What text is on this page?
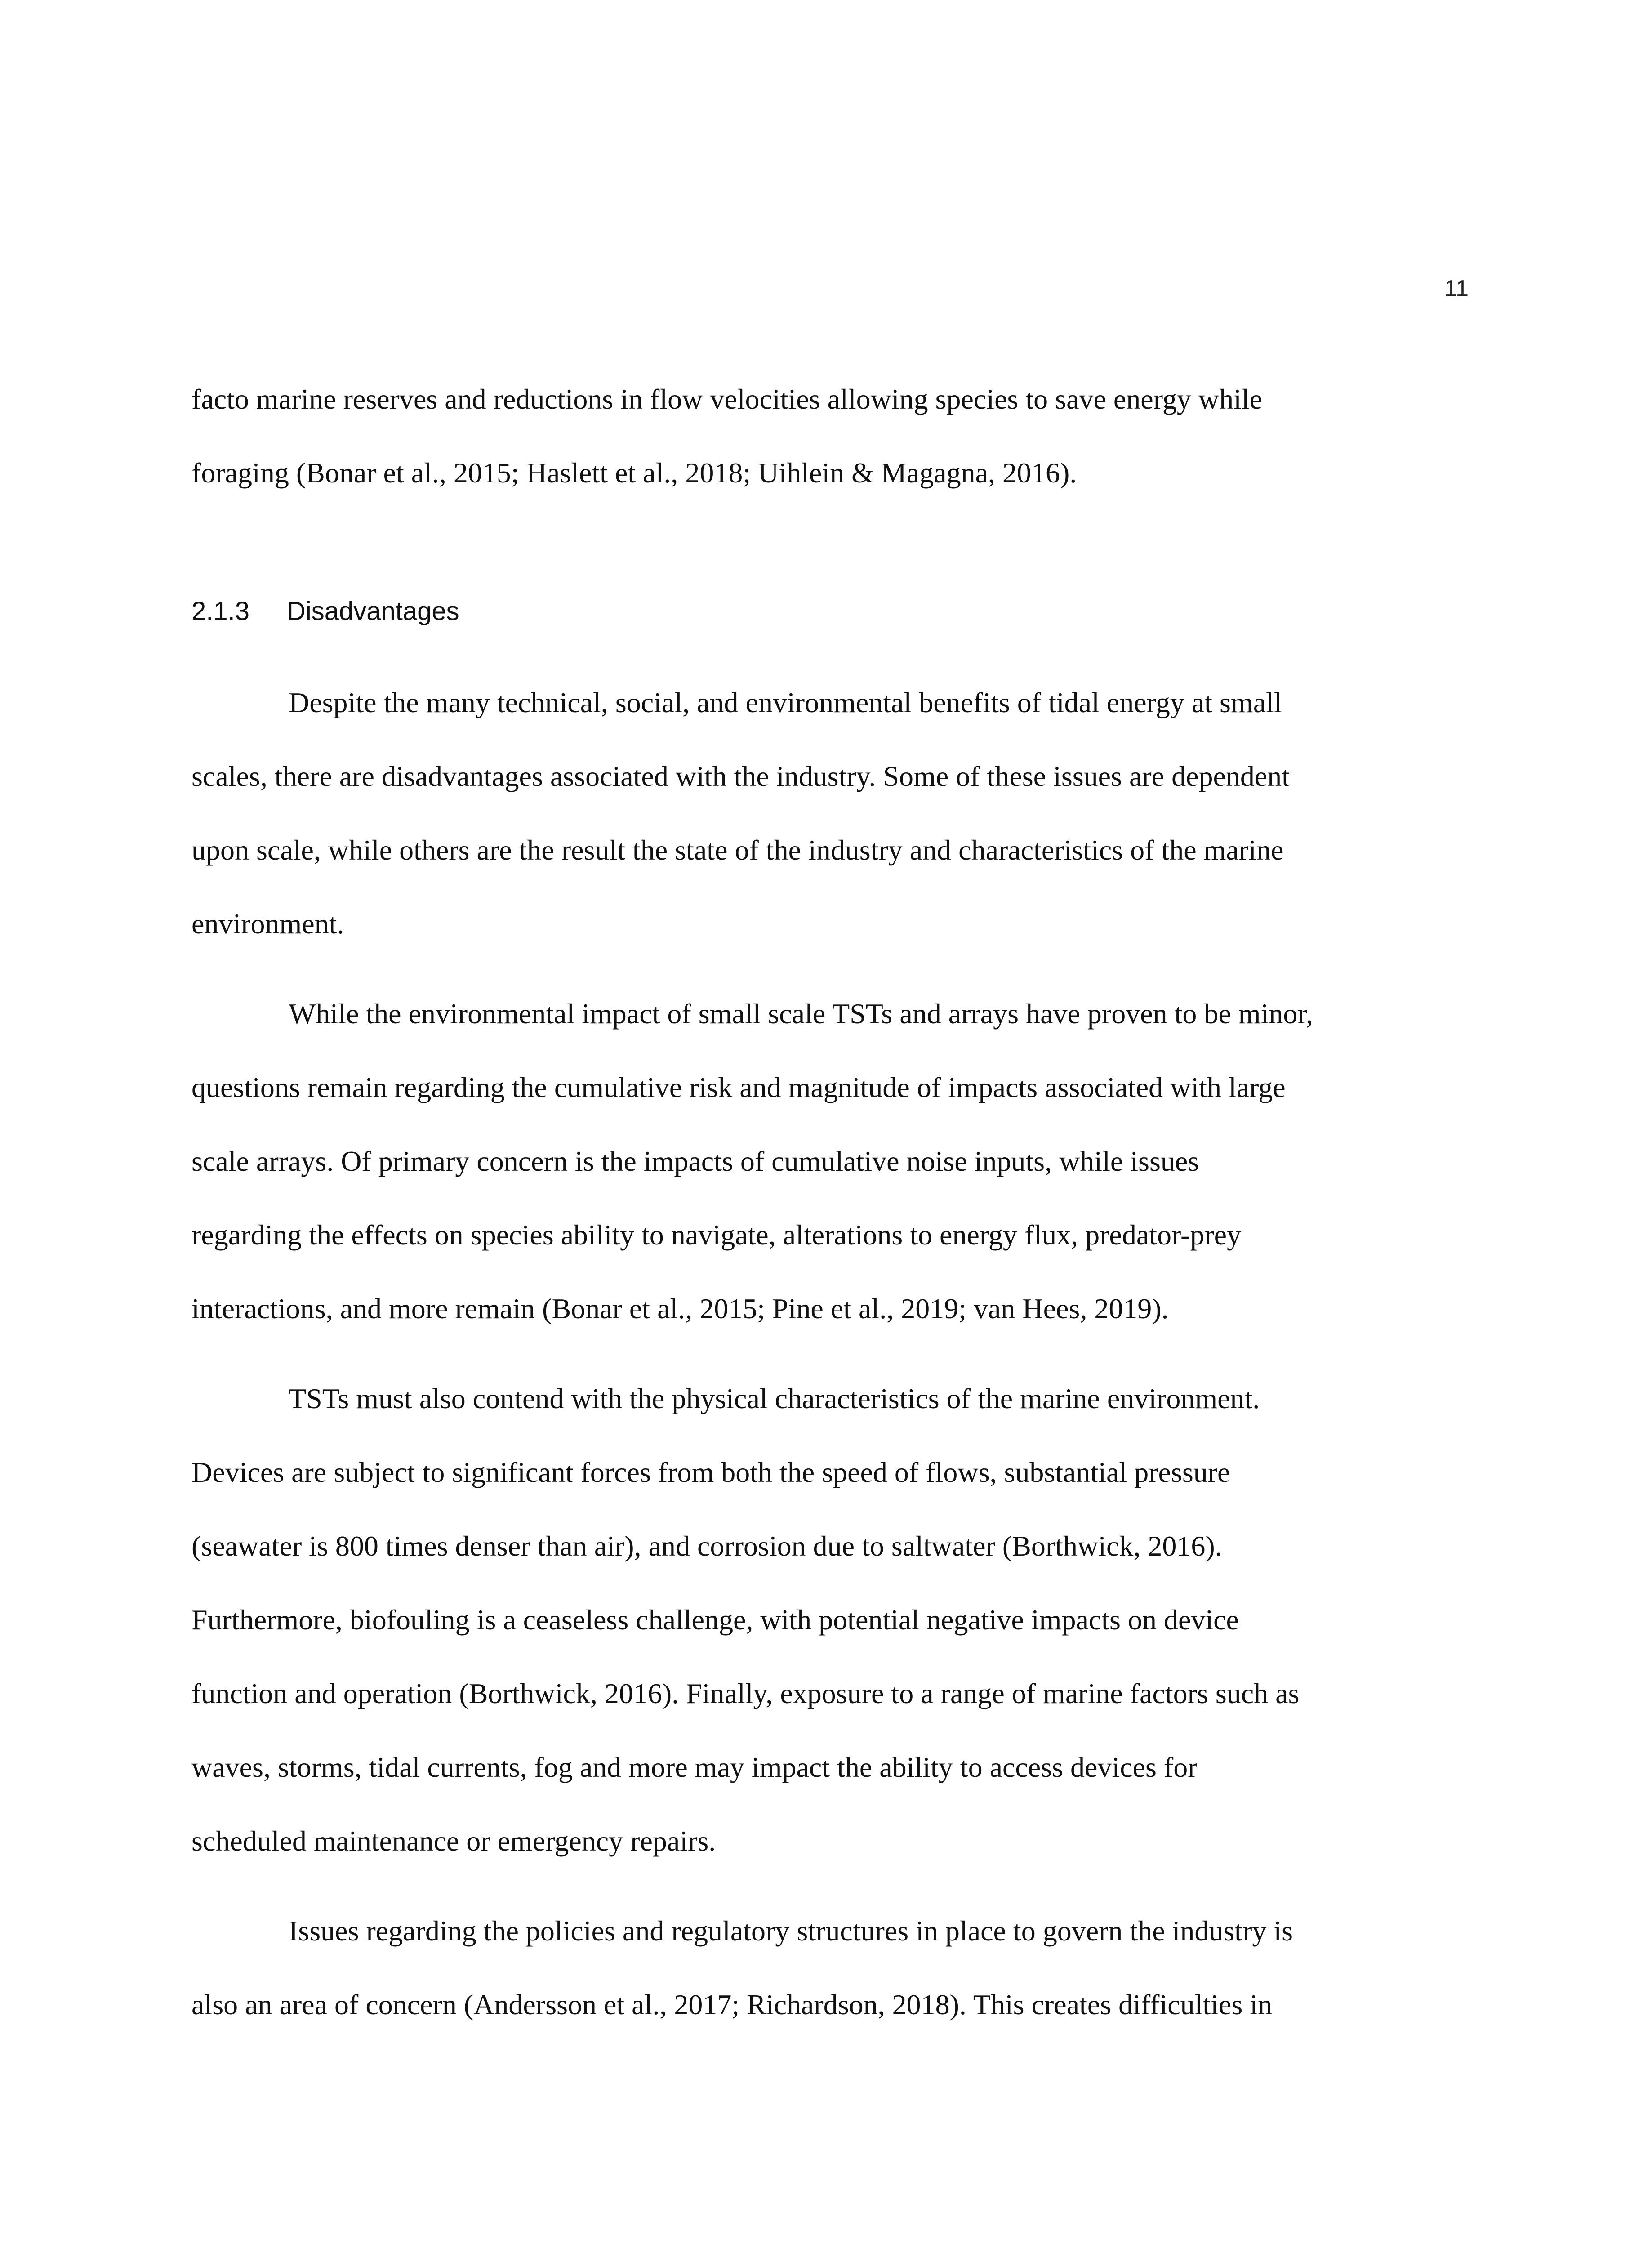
11

facto marine reserves and reductions in flow velocities allowing species to save energy while
foraging (Bonar et al., 2015; Haslett et al., 2018; Uihlein & Magagna, 2016).

2.1.3	Disadvantages

Despite the many technical, social, and environmental benefits of tidal energy at small
scales, there are disadvantages associated with the industry. Some of these issues are dependent
upon scale, while others are the result the state of the industry and characteristics of the marine
environment.

While the environmental impact of small scale TSTs and arrays have proven to be minor,
questions remain regarding the cumulative risk and magnitude of impacts associated with large
scale arrays. Of primary concern is the impacts of cumulative noise inputs, while issues
regarding the effects on species ability to navigate, alterations to energy flux, predator-prey
interactions, and more remain (Bonar et al., 2015; Pine et al., 2019; van Hees, 2019).

TSTs must also contend with the physical characteristics of the marine environment.
Devices are subject to significant forces from both the speed of flows, substantial pressure
(seawater is 800 times denser than air), and corrosion due to saltwater (Borthwick, 2016).
Furthermore, biofouling is a ceaseless challenge, with potential negative impacts on device
function and operation (Borthwick, 2016). Finally, exposure to a range of marine factors such as
waves, storms, tidal currents, fog and more may impact the ability to access devices for
scheduled maintenance or emergency repairs.

Issues regarding the policies and regulatory structures in place to govern the industry is
also an area of concern (Andersson et al., 2017; Richardson, 2018). This creates difficulties in
